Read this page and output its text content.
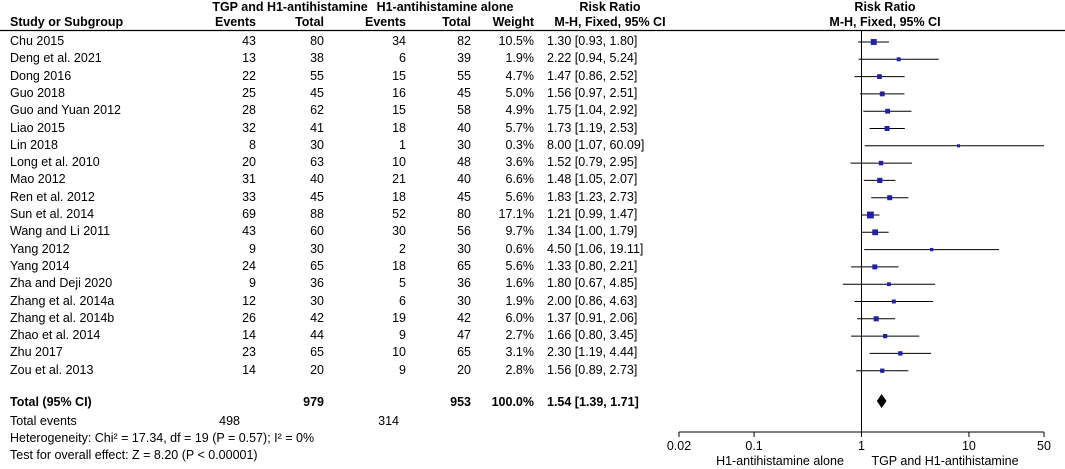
TGP and H1-antihistamine H1-antihistamine alone	Risk Ratio	Risk Ratio
Study or Subgroup	Events	Total	Events	Total	Weight	M-H, Fixed, 95% CI	M-H, Fixed, 95% CI
Chu 2015	43	80	34	82	10.5% 1.30 [0.93, 1.80]
Deng et al. 2021	13	38	6	39	1.9% 2.22 [0.94, 5.24]
Dong 2016	22	55	15	55	4.7% 1.47 [0.86, 2.52]
Guo 2018	25	45	16	45	5.0% 1.56 [0.97, 2.51]
Guo and Yuan 2012	28	62	15	58	4.9% 1.75 [1.04, 2.92]
Liao 2015	32	41	18	40	5.7% 1.73 [1.19, 2.53]
Lin 2018	8	30	1	30	0.3% 8.00 [1.07, 60.09]
Long et al. 2010	20	63	10	48	3.6% 1.52 [0.79, 2.95]
Mao 2012	31	40	21	40	6.6% 1.48 [1.05, 2.07]
Ren et al. 2012	33	45	18	45	5.6% 1.83 [1.23, 2.73]
Sun et al. 2014	69	88	52	80	17.1% 1.21 [0.99, 1.47]
Wang and Li 2011	43	60	30	56	9.7% 1.34 [1.00, 1.79]
Yang 2012	9	30	2	30	0.6% 4.50 [1.06, 19.11]
Yang 2014	24	65	18	65	5.6% 1.33 [0.80, 2.21]
Zha and Deji 2020	9	36	5	36	1.6% 1.80 [0.67, 4.85]
Zhang et al. 2014a	12	30	6	30	1.9% 2.00 [0.86, 4.63]
Zhang et al. 2014b	26	42	19	42	6.0% 1.37 [0.91, 2.06]
Zhao et al. 2014	14	44	9	47	2.7% 1.66 [0.80, 3.45]
Zhu 2017	23	65	10	65	3.1% 2.30 [1.19, 4.44]
Zou et al. 2013	14	20	9	20	2.8% 1.56 [0.89, 2.73]
Total (95% CI)	979	953	100.0% 1.54 [1.39, 1.71]
Total events	498	314
Heterogeneity: Chi² = 17.34, df = 19 (P = 0.57); I² = 0%
Test for overall effect: Z = 8.20 (P < 0.00001)	H1-antihistamine alone	TGP and H1-antihistamine
0.02	0.1	1	10	50
